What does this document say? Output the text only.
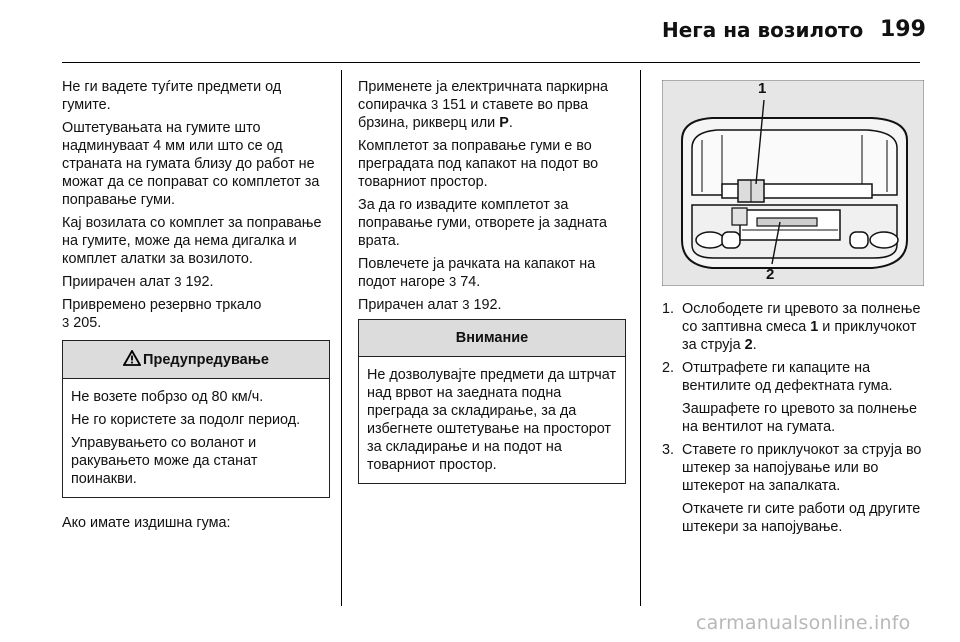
Нега на возилото 199

Не ги вадете туѓите предмети од гумите.

Оштетувањата на гумите што надминуваат 4 мм или што се од страната на гумата близу до работ не можат да се поправат со комплетот за поправање гуми.

Кај возилата со комплет за поправање на гумите, може да нема дигалка и комплет алатки за возилото.

Приирачен алат 3 192.

Привремено резервно тркало
3 205.

Предупредување

Не возете побрзо од 80 км/ч.

Не го користете за подолг период.

Управувањето со воланот и ракувањето може да станат поинакви.

Ако имате издишна гума:

Применете ја електричната паркирна сопирачка 3 151 и ставете во прва брзина, рикверц или P.

Комплетот за поправање гуми е во преградата под капакот на подот во товарниот простор.

За да го извадите комплетот за поправање гуми, отворете ја задната врата.

Повлечете ја рачката на капакот на подот нагоре 3 74.

Прирачен алат 3 192.

Внимание

Не дозволувајте предмети да штрчат над врвот на заедната подна преграда за складирање, за да избегнете оштетување на просторот за складирање и на подот на товарниот простор.

1
2
1. Ослободете ги цревото за полнење со заптивна смеса 1 и приклучокот за струја 2.

2. Отштрафете ги капаците на вентилите од дефектната гума.

Зашрафете го цревото за полнење на вентилот на гумата.

3. Ставете го приклучокот за струја во штекер за напојување или во штекерот на запалката.

Откачете ги сите работи од другите штекери за напојување.

carmanualsonline.info
